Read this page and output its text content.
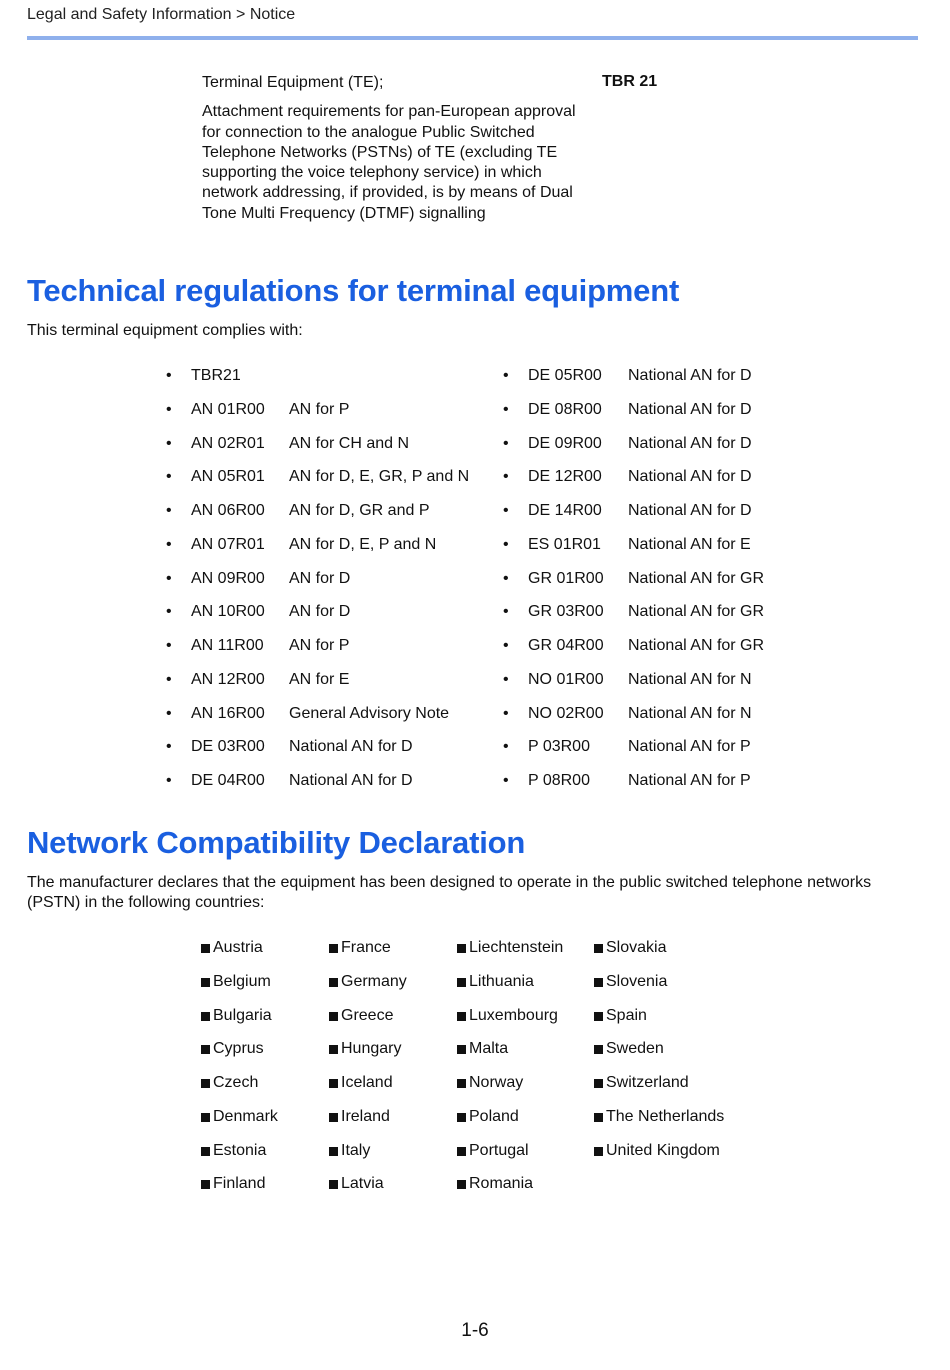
Legal and Safety Information > Notice

Terminal Equipment (TE);

Attachment requirements for pan-European approval for connection to the analogue Public Switched Telephone Networks (PSTNs) of TE (excluding TE supporting the voice telephony service) in which network addressing, if provided, is by means of Dual Tone Multi Frequency (DTMF) signalling

TBR 21
Technical regulations for terminal equipment

This terminal equipment complies with:

•	TBR21
•	AN 01R00	AN for P
•	AN 02R01	AN for CH and N
•	AN 05R01	AN for D, E, GR, P and N
•	AN 06R00	AN for D, GR and P
•	AN 07R01	AN for D, E, P and N
•	AN 09R00	AN for D
•	AN 10R00	AN for D
•	AN 11R00	AN for P
•	AN 12R00	AN for E
•	AN 16R00	General Advisory Note
•	DE 03R00	National AN for D
•	DE 04R00	National AN for D
•	DE 05R00	National AN for D
•	DE 08R00	National AN for D
•	DE 09R00	National AN for D
•	DE 12R00	National AN for D
•	DE 14R00	National AN for D
•	ES 01R01	National AN for E
•	GR 01R00	National AN for GR
•	GR 03R00	National AN for GR
•	GR 04R00	National AN for GR
•	NO 01R00	National AN for N
•	NO 02R00	National AN for N
•	P 03R00	National AN for P
•	P 08R00	National AN for P
Network Compatibility Declaration

The manufacturer declares that the equipment has been designed to operate in the public switched telephone networks (PSTN) in the following countries:

Austria	France	Liechtenstein	Slovakia
Belgium	Germany	Lithuania	Slovenia
Bulgaria	Greece	Luxembourg	Spain
Cyprus	Hungary	Malta	Sweden
Czech	Iceland	Norway	Switzerland
Denmark	Ireland	Poland	The Netherlands
Estonia	Italy	Portugal	United Kingdom
Finland	Latvia	Romania
1-6
